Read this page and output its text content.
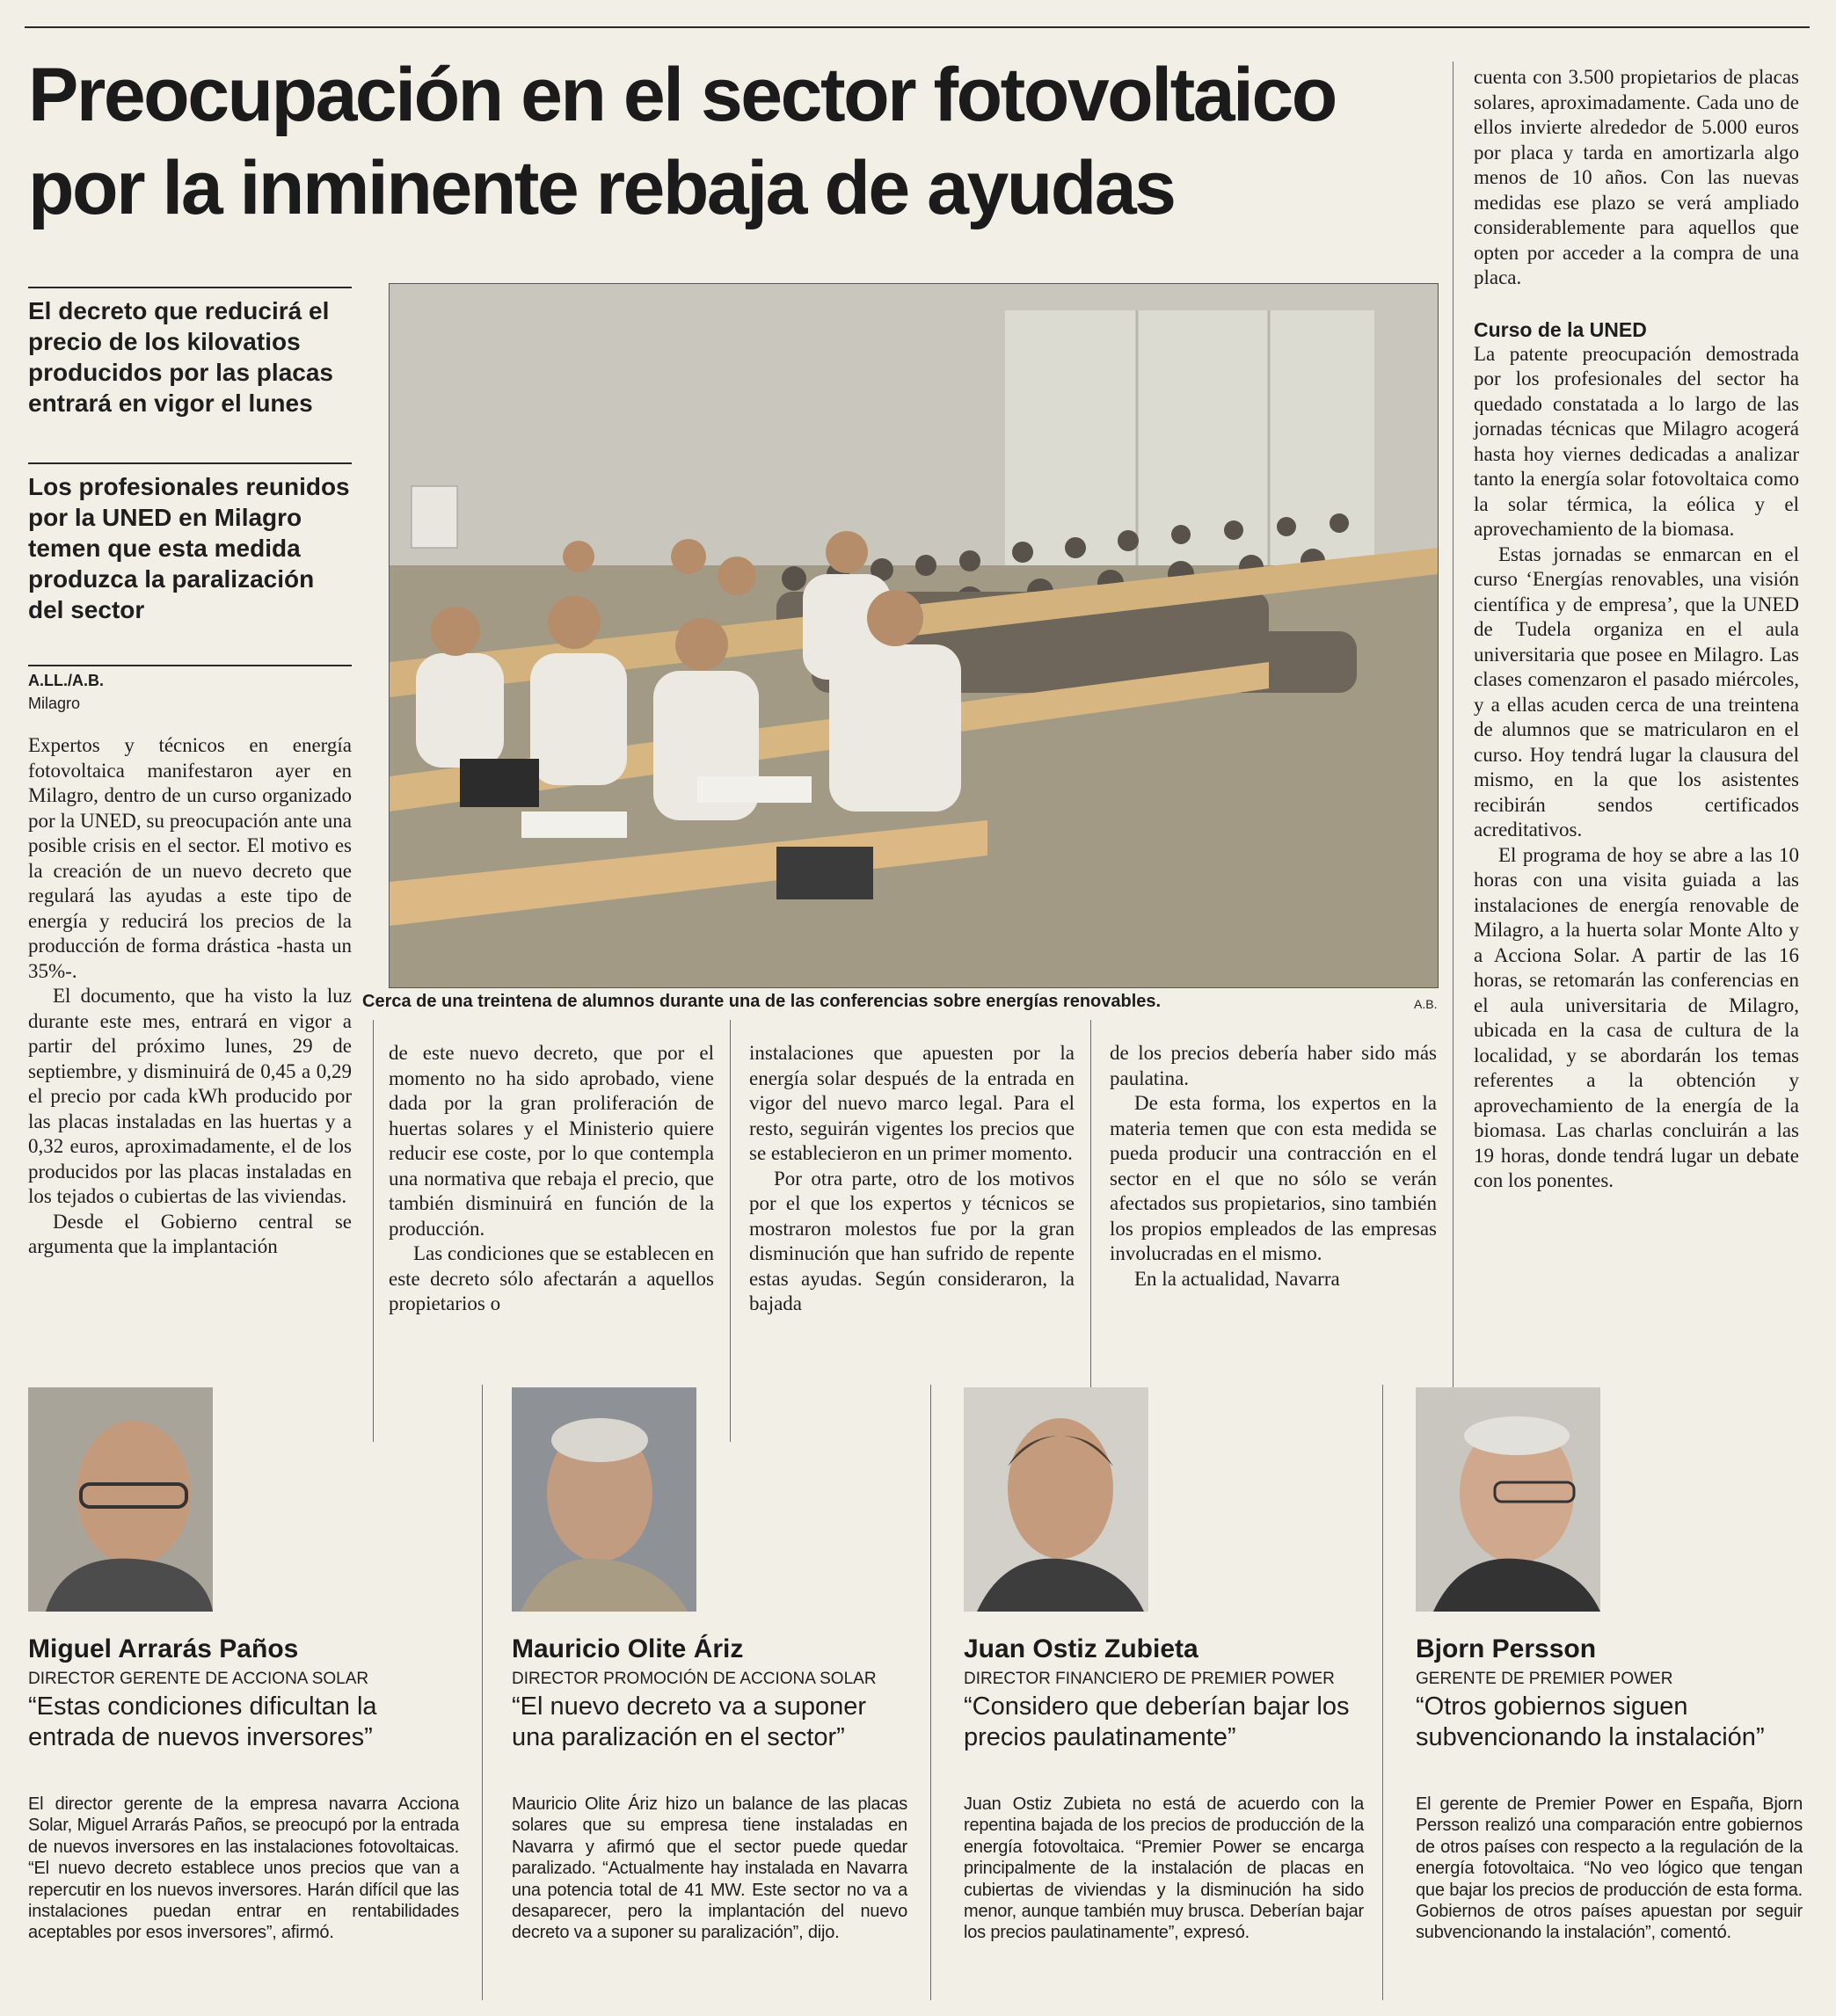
Preocupación en el sector fotovoltaico
por la inminente rebaja de ayudas
El decreto que reducirá el precio de los kilovatios producidos por las placas entrará en vigor el lunes
Los profesionales reunidos por la UNED en Milagro temen que esta medida produzca la paralización del sector
A.LL./A.B.
Milagro

Expertos y técnicos en energía fotovoltaica manifestaron ayer en Milagro, dentro de un curso organizado por la UNED, su preocupación ante una posible crisis en el sector. El motivo es la creación de un nuevo decreto que regulará las ayudas a este tipo de energía y reducirá los precios de la producción de forma drástica -hasta un 35%-.

El documento, que ha visto la luz durante este mes, entrará en vigor a partir del próximo lunes, 29 de septiembre, y disminuirá de 0,45 a 0,29 el precio por cada kWh producido por las placas instaladas en las huertas y a 0,32 euros, aproximadamente, el de los producidos por las placas instaladas en los tejados o cubiertas de las viviendas.

Desde el Gobierno central se argumenta que la implantación

Cerca de una treintena de alumnos durante una de las conferencias sobre energías renovables.	A.B.

de este nuevo decreto, que por el momento no ha sido aprobado, viene dada por la gran proliferación de huertas solares y el Ministerio quiere reducir ese coste, por lo que contempla una normativa que rebaja el precio, que también disminuirá en función de la producción.

Las condiciones que se establecen en este decreto sólo afectarán a aquellos propietarios o

instalaciones que apuesten por la energía solar después de la entrada en vigor del nuevo marco legal. Para el resto, seguirán vigentes los precios que se establecieron en un primer momento.

Por otra parte, otro de los motivos por el que los expertos y técnicos se mostraron molestos fue por la gran disminución que han sufrido de repente estas ayudas. Según consideraron, la bajada

de los precios debería haber sido más paulatina.

De esta forma, los expertos en la materia temen que con esta medida se pueda producir una contracción en el sector en el que no sólo se verán afectados sus propietarios, sino también los propios empleados de las empresas involucradas en el mismo.

En la actualidad, Navarra

cuenta con 3.500 propietarios de placas solares, aproximadamente. Cada uno de ellos invierte alrededor de 5.000 euros por placa y tarda en amortizarla algo menos de 10 años. Con las nuevas medidas ese plazo se verá ampliado considerablemente para aquellos que opten por acceder a la compra de una placa.

Curso de la UNED

La patente preocupación demostrada por los profesionales del sector ha quedado constatada a lo largo de las jornadas técnicas que Milagro acogerá hasta hoy viernes dedicadas a analizar tanto la energía solar fotovoltaica como la solar térmica, la eólica y el aprovechamiento de la biomasa.

Estas jornadas se enmarcan en el curso ‘Energías renovables, una visión científica y de empresa’, que la UNED de Tudela organiza en el aula universitaria que posee en Milagro. Las clases comenzaron el pasado miércoles, y a ellas acuden cerca de una treintena de alumnos que se matricularon en el curso. Hoy tendrá lugar la clausura del mismo, en la que los asistentes recibirán sendos certificados acreditativos.

El programa de hoy se abre a las 10 horas con una visita guiada a las instalaciones de energía renovable de Milagro, a la huerta solar Monte Alto y a Acciona Solar. A partir de las 16 horas, se retomarán las conferencias en el aula universitaria de Milagro, ubicada en la casa de cultura de la localidad, y se abordarán los temas referentes a la obtención y aprovechamiento de la energía de la biomasa. Las charlas concluirán a las 19 horas, donde tendrá lugar un debate con los ponentes.

Miguel Arrarás Paños
DIRECTOR GERENTE DE ACCIONA SOLAR
“Estas condiciones dificultan la entrada de nuevos inversores”
El director gerente de la empresa navarra Acciona Solar, Miguel Arrarás Paños, se preocupó por la entrada de nuevos inversores en las instalaciones fotovoltaicas. “El nuevo decreto establece unos precios que van a repercutir en los nuevos inversores. Harán difícil que las instalaciones puedan entrar en rentabilidades aceptables por esos inversores”, afirmó.
Mauricio Olite Áriz
DIRECTOR PROMOCIÓN DE ACCIONA SOLAR
“El nuevo decreto va a suponer una paralización en el sector”
Mauricio Olite Áriz hizo un balance de las placas solares que su empresa tiene instaladas en Navarra y afirmó que el sector puede quedar paralizado. “Actualmente hay instalada en Navarra una potencia total de 41 MW. Este sector no va a desaparecer, pero la implantación del nuevo decreto va a suponer su paralización”, dijo.
Juan Ostiz Zubieta
DIRECTOR FINANCIERO DE PREMIER POWER
“Considero que deberían bajar los precios paulatinamente”
Juan Ostiz Zubieta no está de acuerdo con la repentina bajada de los precios de producción de la energía fotovoltaica. “Premier Power se encarga principalmente de la instalación de placas en cubiertas de viviendas y la disminución ha sido menor, aunque también muy brusca. Deberían bajar los precios paulatinamente”, expresó.
Bjorn Persson
GERENTE DE PREMIER POWER
“Otros gobiernos siguen subvencionando la instalación”
El gerente de Premier Power en España, Bjorn Persson realizó una comparación entre gobiernos de otros países con respecto a la regulación de la energía fotovoltaica. “No veo lógico que tengan que bajar los precios de producción de esta forma. Gobiernos de otros países apuestan por seguir subvencionando la instalación”, comentó.
